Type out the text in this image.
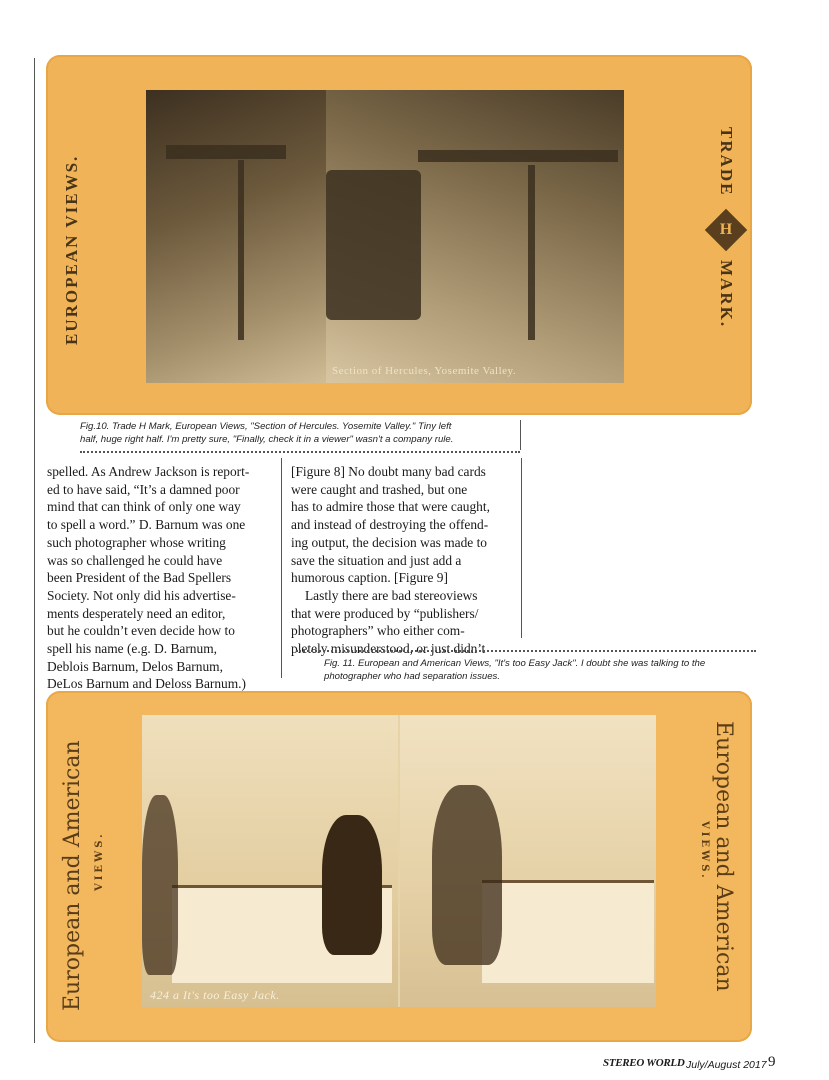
EUROPEAN VIEWS.
Section of Hercules, Yosemite Valley.
TRADE
H
MARK.
Fig.10. Trade H Mark, European Views, "Section of Hercules. Yosemite Valley." Tiny left
half, huge right half. I'm pretty sure, "Finally, check it in a viewer" wasn't a company rule.

spelled. As Andrew Jackson is report-

ed to have said, “It’s a damned poor

mind that can think of only one way

to spell a word.” D. Barnum was one

such photographer whose writing

was so challenged he could have

been President of the Bad Spellers

Society. Not only did his advertise-

ments desperately need an editor,

but he couldn’t even decide how to

spell his name (e.g. D. Barnum,

Deblois Barnum, Delos Barnum,

DeLos Barnum and Deloss Barnum.)

[Figure 8] No doubt many bad cards

were caught and trashed, but one

has to admire those that were caught,

and instead of destroying the offend-

ing output, the decision was made to

save the situation and just add a

humorous caption. [Figure 9]

Lastly there are bad stereoviews

that were produced by “publishers/

photographers” who either com-

pletely misunderstood, or just didn’t

Fig. 11. European and American Views, "It's too Easy Jack". I doubt she was talking to the
photographer who had separation issues.
European and American VIEWS.
424 a It's too Easy Jack.
European and American
VIEWS.
STEREO WORLD July/August 2017 9
